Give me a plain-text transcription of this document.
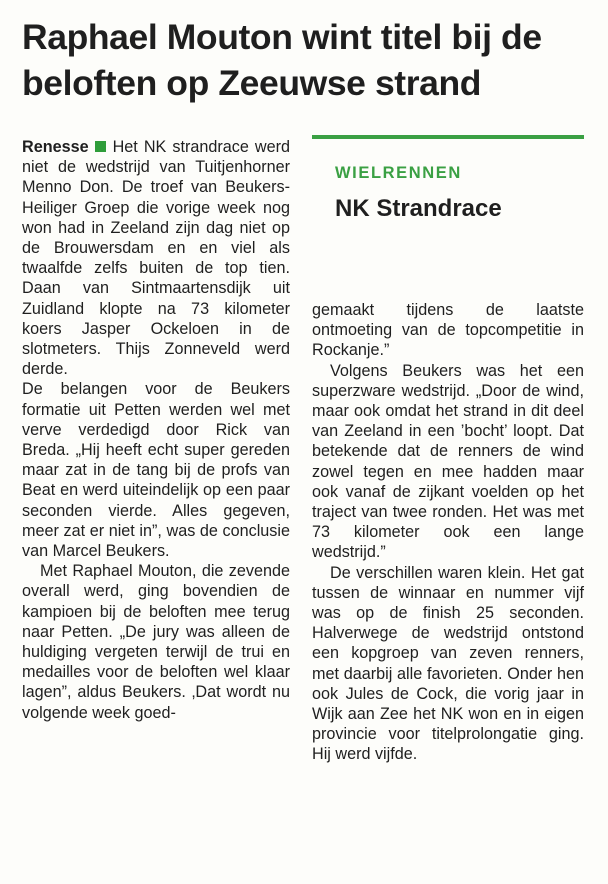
Raphael Mouton wint titel bij de beloften op Zeeuwse strand

Renesse Het NK strandrace werd niet de wedstrijd van Tuitjenhorner Menno Don. De troef van Beukers-Heiliger Groep die vorige week nog won had in Zeeland zijn dag niet op de Brouwersdam en en viel als twaalfde zelfs buiten de top tien. Daan van Sintmaartensdijk uit Zuidland klopte na 73 kilometer koers Jasper Ockeloen in de slotmeters. Thijs Zonneveld werd derde.

De belangen voor de Beukers formatie uit Petten werden wel met verve verdedigd door Rick van Breda. „Hij heeft echt super gereden maar zat in de tang bij de profs van Beat en werd uiteindelijk op een paar seconden vierde. Alles gegeven, meer zat er niet in”, was de conclusie van Marcel Beukers.

Met Raphael Mouton, die zevende overall werd, ging bovendien de kampioen bij de beloften mee terug naar Petten. „De jury was alleen de huldiging vergeten terwijl de trui en medailles voor de beloften wel klaar lagen”, aldus Beukers. ‚Dat wordt nu volgende week goed-

WIELRENNEN
NK Strandrace

gemaakt tijdens de laatste ontmoeting van de topcompetitie in Rockanje.”

Volgens Beukers was het een superzware wedstrijd. „Door de wind, maar ook omdat het strand in dit deel van Zeeland in een ’bocht’ loopt. Dat betekende dat de renners de wind zowel tegen en mee hadden maar ook vanaf de zijkant voelden op het traject van twee ronden. Het was met 73 kilometer ook een lange wedstrijd.”

De verschillen waren klein. Het gat tussen de winnaar en nummer vijf was op de finish 25 seconden. Halverwege de wedstrijd ontstond een kopgroep van zeven renners, met daarbij alle favorieten. Onder hen ook Jules de Cock, die vorig jaar in Wijk aan Zee het NK won en in eigen provincie voor titelprolongatie ging. Hij werd vijfde.
